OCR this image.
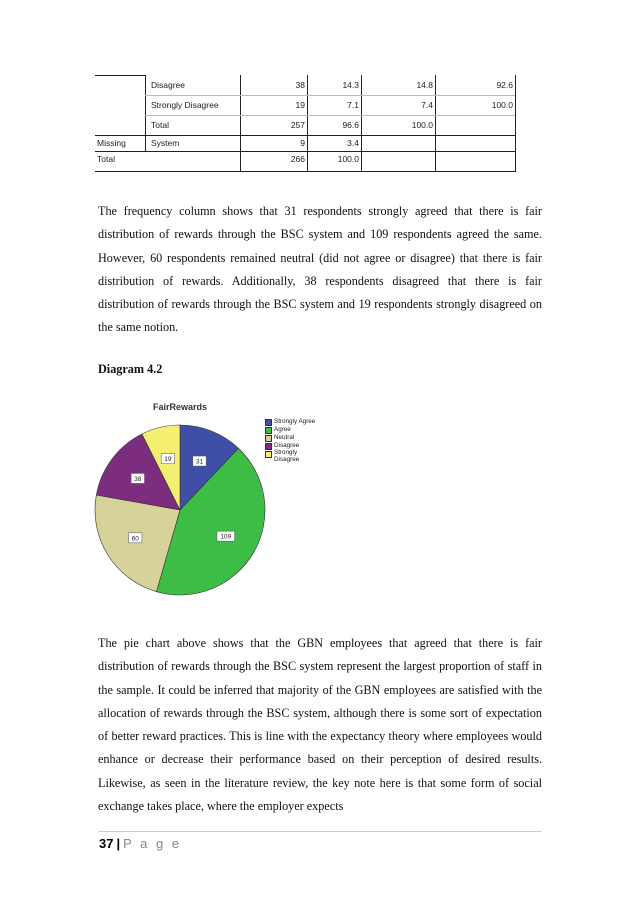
Disagree	38	14.3	14.8	92.6
Strongly Disagree	19	7.1	7.4	100.0
Total	257	96.6	100.0
Missing	System	9	3.4
Total	266	100.0

The frequency column shows that 31 respondents strongly agreed that there is fair distribution of rewards through the BSC system and 109 respondents agreed the same. However, 60 respondents remained neutral (did not agree or disagree) that there is fair distribution of rewards. Additionally, 38 respondents disagreed that there is fair distribution of rewards through the BSC system and 19 respondents strongly disagreed on the same notion.

Diagram 4.2
FairRewards
31
109
60
38
19
Strongly Agree
Agree
Neutral
Disagree
Strongly
Disagree

The pie chart above shows that the GBN employees that agreed that there is fair distribution of rewards through the BSC system represent the largest proportion of staff in the sample. It could be inferred that majority of the GBN employees are satisfied with the allocation of rewards through the BSC system, although there is some sort of expectation of better reward practices. This is line with the expectancy theory where employees would enhance or decrease their performance based on their perception of desired results. Likewise, as seen in the literature review, the key note here is that some form of social exchange takes place, where the employer expects

37 | P a g e
